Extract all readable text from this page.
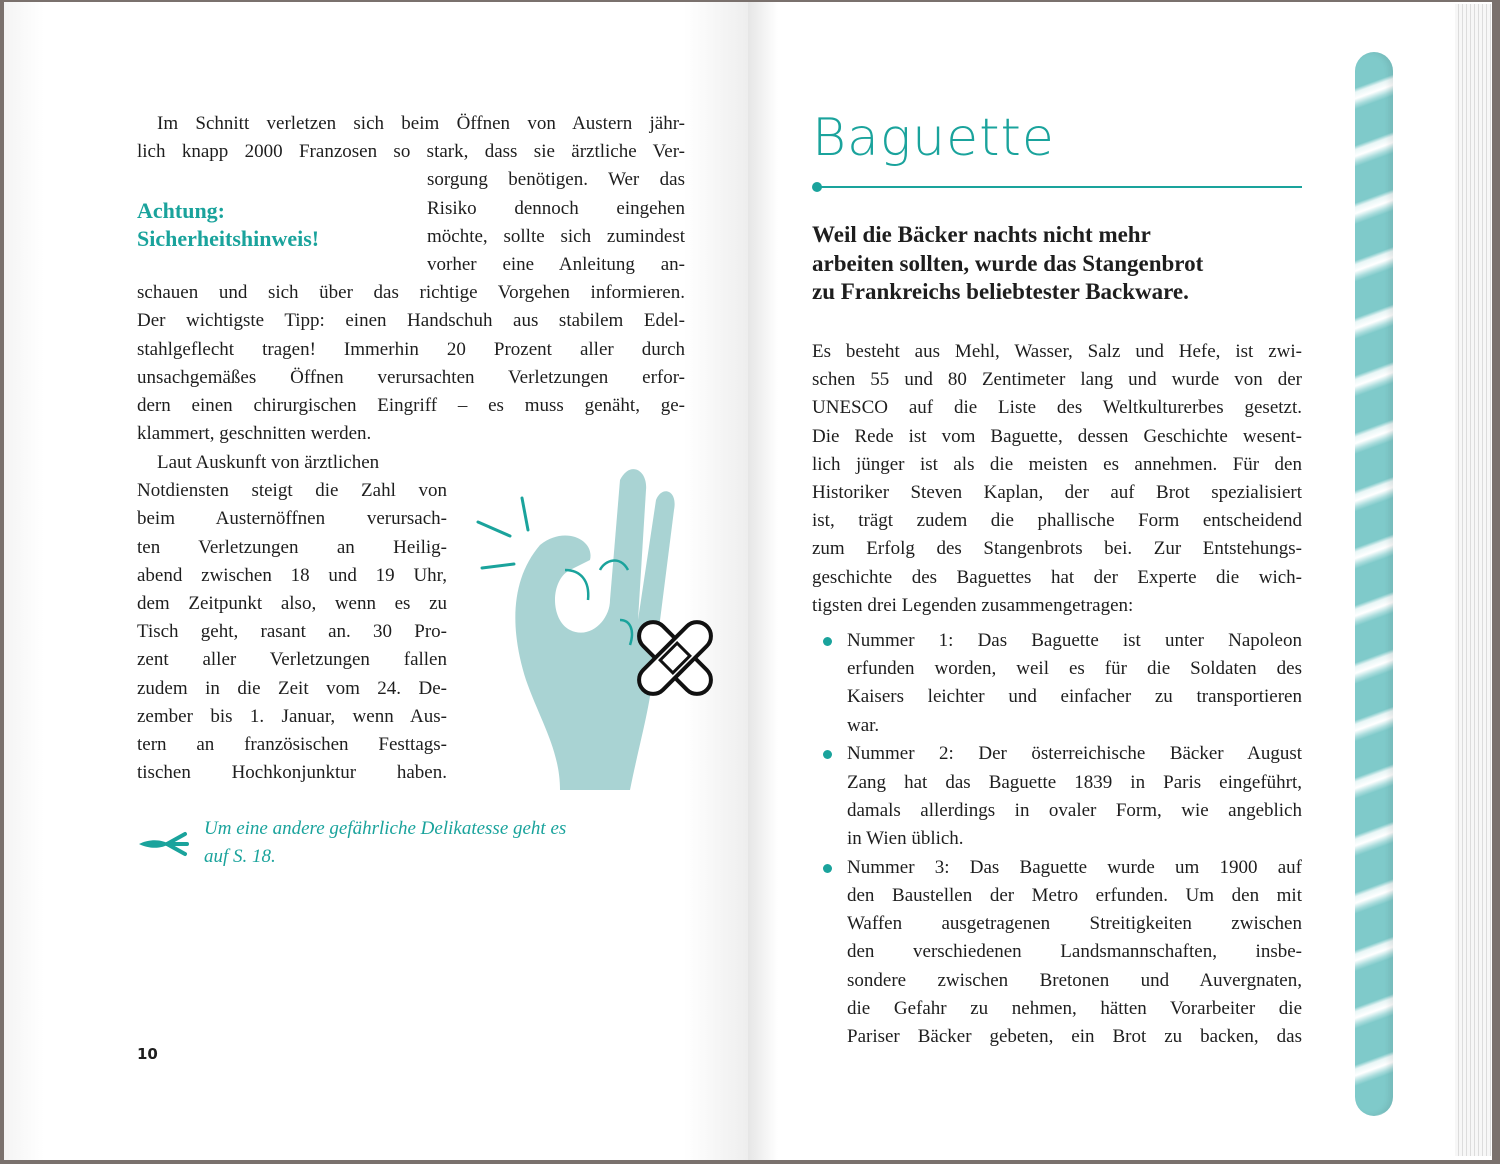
Achtung:
Sicherheitshinweis!
Um eine andere gefährliche Delikatesse geht es
auf S. 18.
10
Baguette
Weil die Bäcker nachts nicht mehr
arbeiten sollten, wurde das Stangenbrot
zu Frankreichs beliebtester Backware.
Im Schnitt verletzen sich beim Öffnen von Austern jähr-
lich knapp 2000 Franzosen so stark, dass sie ärztliche Ver-
sorgung benötigen. Wer das
Risiko dennoch eingehen
möchte, sollte sich zumindest
vorher eine Anleitung an-
schauen und sich über das richtige Vorgehen informieren.
Der wichtigste Tipp: einen Handschuh aus stabilem Edel-
stahlgeflecht tragen! Immerhin 20 Prozent aller durch
unsachgemäßes Öffnen verursachten Verletzungen erfor-
dern einen chirurgischen Eingriff – es muss genäht, ge-
klammert, geschnitten werden.
Laut Auskunft von ärztlichen
Notdiensten steigt die Zahl von
beim Austernöffnen verursach-
ten Verletzungen an Heilig-
abend zwischen 18 und 19 Uhr,
dem Zeitpunkt also, wenn es zu
Tisch geht, rasant an. 30 Pro-
zent aller Verletzungen fallen
zudem in die Zeit vom 24. De-
zember bis 1. Januar, wenn Aus-
tern an französischen Festtags-
tischen Hochkonjunktur haben.
Es besteht aus Mehl, Wasser, Salz und Hefe, ist zwi-
schen 55 und 80 Zentimeter lang und wurde von der
UNESCO auf die Liste des Weltkulturerbes gesetzt.
Die Rede ist vom Baguette, dessen Geschichte wesent-
lich jünger ist als die meisten es annehmen. Für den
Historiker Steven Kaplan, der auf Brot spezialisiert
ist, trägt zudem die phallische Form entscheidend
zum Erfolg des Stangenbrots bei. Zur Entstehungs-
geschichte des Baguettes hat der Experte die wich-
tigsten drei Legenden zusammengetragen:
Nummer 1: Das Baguette ist unter Napoleon
erfunden worden, weil es für die Soldaten des
Kaisers leichter und einfacher zu transportieren
war.
Nummer 2: Der österreichische Bäcker August
Zang hat das Baguette 1839 in Paris eingeführt,
damals allerdings in ovaler Form, wie angeblich
in Wien üblich.
Nummer 3: Das Baguette wurde um 1900 auf
den Baustellen der Metro erfunden. Um den mit
Waffen ausgetragenen Streitigkeiten zwischen
den verschiedenen Landsmannschaften, insbe-
sondere zwischen Bretonen und Auvergnaten,
die Gefahr zu nehmen, hätten Vorarbeiter die
Pariser Bäcker gebeten, ein Brot zu backen, das
